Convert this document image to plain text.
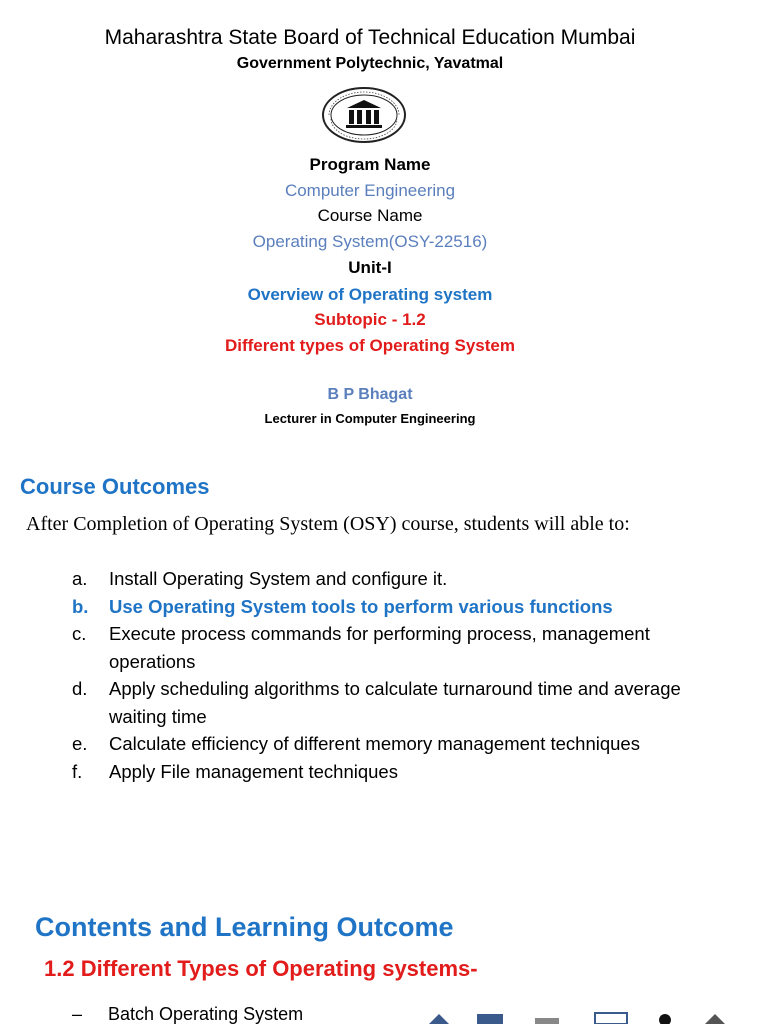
Maharashtra State Board of Technical Education Mumbai
Government Polytechnic, Yavatmal
Program Name
Computer Engineering
Course Name
Operating System(OSY-22516)
Unit-I
Overview of Operating system
Subtopic - 1.2
Different types of Operating System
B P Bhagat
Lecturer in Computer Engineering
Course Outcomes
After Completion of Operating System (OSY) course, students will able to:
a.	Install Operating System and configure it.
b.	Use Operating System tools to perform various functions
c.	Execute process commands for performing process, management operations
d.	Apply scheduling algorithms to calculate turnaround time and average waiting time
e.	Calculate efficiency of different memory management techniques
f.	Apply File management techniques
Contents and Learning Outcome
1.2 Different Types of Operating systems-
– Batch Operating System
